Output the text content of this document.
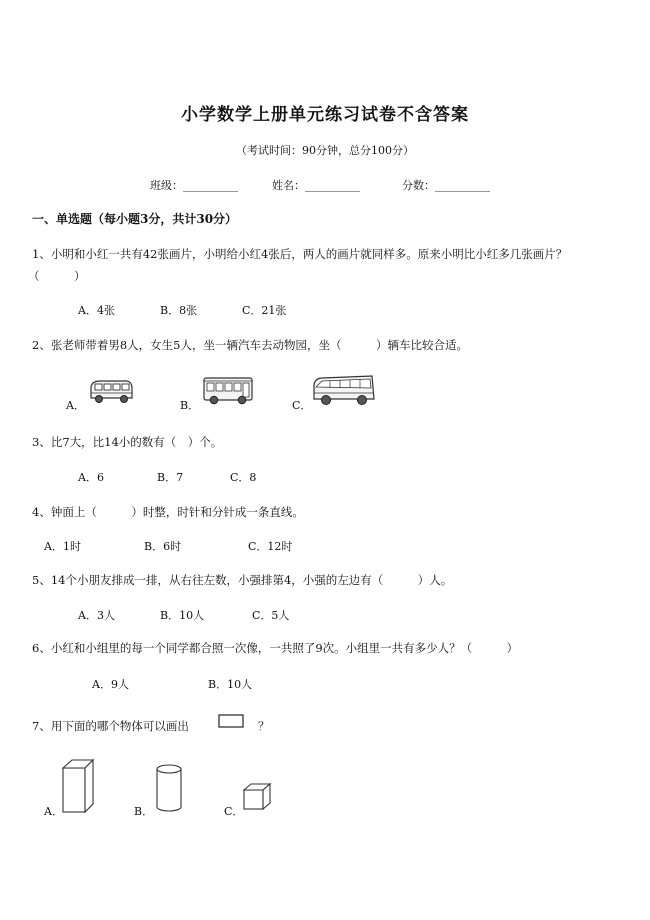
小学数学上册单元练习试卷不含答案
（考试时间：90分钟，总分100分）
班级：__________	姓名：__________	分数：__________
一、单选题（每小题3分，共计30分）
1、小明和小红一共有42张画片，小明给小红4张后，两人的画片就同样多。原来小明比小红多几张画片？
（　　　）
A．4张	B．8张	C．21张
2、张老师带着男8人，女生5人，坐一辆汽车去动物园，坐（　　　）辆车比较合适。
A．	B．	C．
3、比7大，比14小的数有（　）个。
A．6	B．7	C．8
4、钟面上（　　　）时整，时针和分针成一条直线。
A．1时	B．6时	C．12时
5、14个小朋友排成一排，从右往左数，小强排第4，小强的左边有（　　　）人。
A．3人	B．10人	C．5人
6、小红和小组里的每一个同学都合照一次像，一共照了9次。小组里一共有多少人？（　　　）
A．9人	B．10人
7、用下面的哪个物体可以画出	？
A．	B．	C．
